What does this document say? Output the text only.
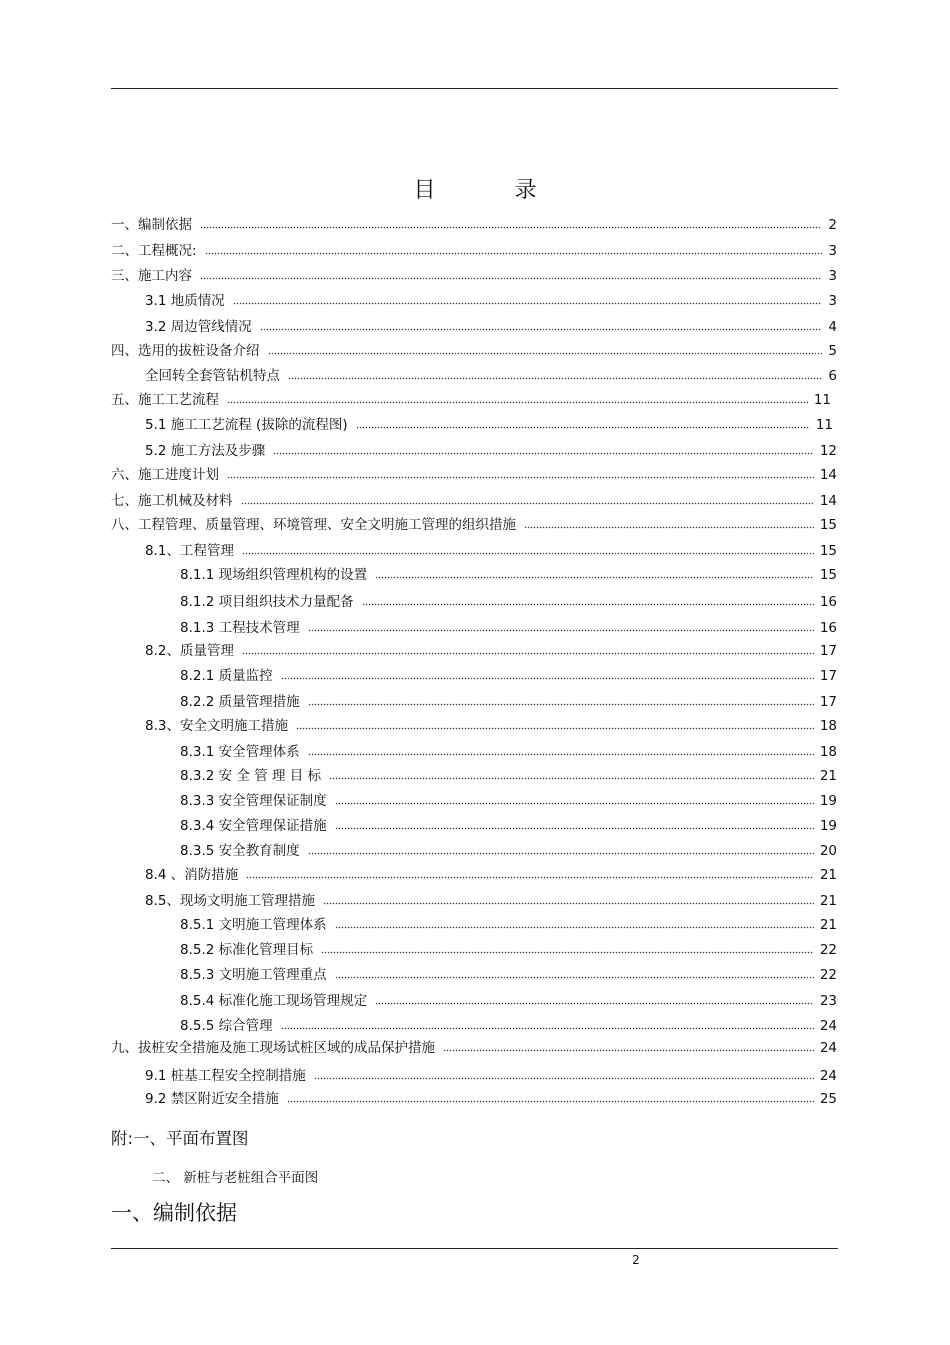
目 录
一、编制依据	2
二、工程概况:	3
三、施工内容	3
3.1 地质情况	3
3.2 周边管线情况	4
四、选用的拔桩设备介绍	5
全回转全套管钻机特点	6
五、施工工艺流程	11
5.1 施工工艺流程 (拔除的流程图)	11
5.2 施工方法及步骤	12
六、施工进度计划	14
七、施工机械及材料	14
八、工程管理、质量管理、环境管理、安全文明施工管理的组织措施	15
8.1、工程管理	15
8.1.1 现场组织管理机构的设置	15
8.1.2 项目组织技术力量配备	16
8.1.3 工程技术管理	16
8.2、质量管理	17
8.2.1 质量监控	17
8.2.2 质量管理措施	17
8.3、安全文明施工措施	18
8.3.1 安全管理体系	18
8.3.2 安 全 管 理 目 标	21
8.3.3 安全管理保证制度	19
8.3.4 安全管理保证措施	19
8.3.5 安全教育制度	20
8.4 、消防措施	21
8.5、现场文明施工管理措施	21
8.5.1 文明施工管理体系	21
8.5.2 标准化管理目标	22
8.5.3 文明施工管理重点	22
8.5.4 标准化施工现场管理规定	23
8.5.5 综合管理	24
九、拔桩安全措施及施工现场试桩区域的成品保护措施	24
9.1 桩基工程安全控制措施	24
9.2 禁区附近安全措施	25
附:一、平面布置图
二、 新桩与老桩组合平面图
一、编制依据
2
